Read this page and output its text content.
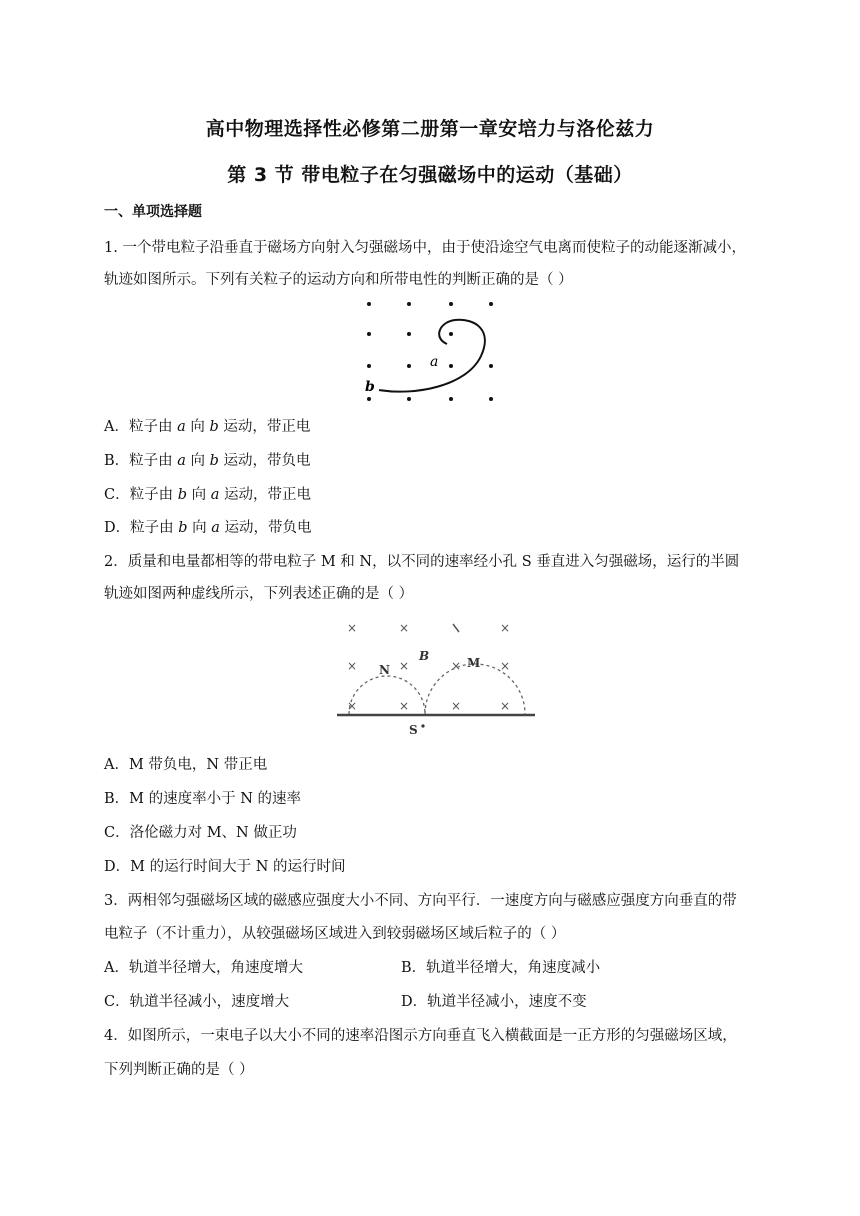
高中物理选择性必修第二册第一章安培力与洛伦兹力
第 3 节 带电粒子在匀强磁场中的运动（基础）
一、单项选择题
1. 一个带电粒子沿垂直于磁场方向射入匀强磁场中，由于使沿途空气电离而使粒子的动能逐渐减小，
轨迹如图所示。下列有关粒子的运动方向和所带电性的判断正确的是（ ）
a
b
A．粒子由 a 向 b 运动，带正电
B．粒子由 a 向 b 运动，带负电
C．粒子由 b 向 a 运动，带正电
D．粒子由 b 向 a 运动，带负电
2．质量和电量都相等的带电粒子 M 和 N，以不同的速率经小孔 S 垂直进入匀强磁场，运行的半圆
轨迹如图两种虚线所示，下列表述正确的是（ ）
×	×	×
×	×	×	×
×	×	×	×
N	M
B
S
A．M 带负电，N 带正电
B．M 的速度率小于 N 的速率
C．洛伦磁力对 M、N 做正功
D．M 的运行时间大于 N 的运行时间
3．两相邻匀强磁场区域的磁感应强度大小不同、方向平行．一速度方向与磁感应强度方向垂直的带
电粒子（不计重力），从较强磁场区域进入到较弱磁场区域后粒子的（ ）
A．轨道半径增大，角速度增大	B．轨道半径增大，角速度减小
C．轨道半径减小，速度增大	D．轨道半径减小，速度不变
4．如图所示，一束电子以大小不同的速率沿图示方向垂直飞入横截面是一正方形的匀强磁场区域，
下列判断正确的是（ ）
